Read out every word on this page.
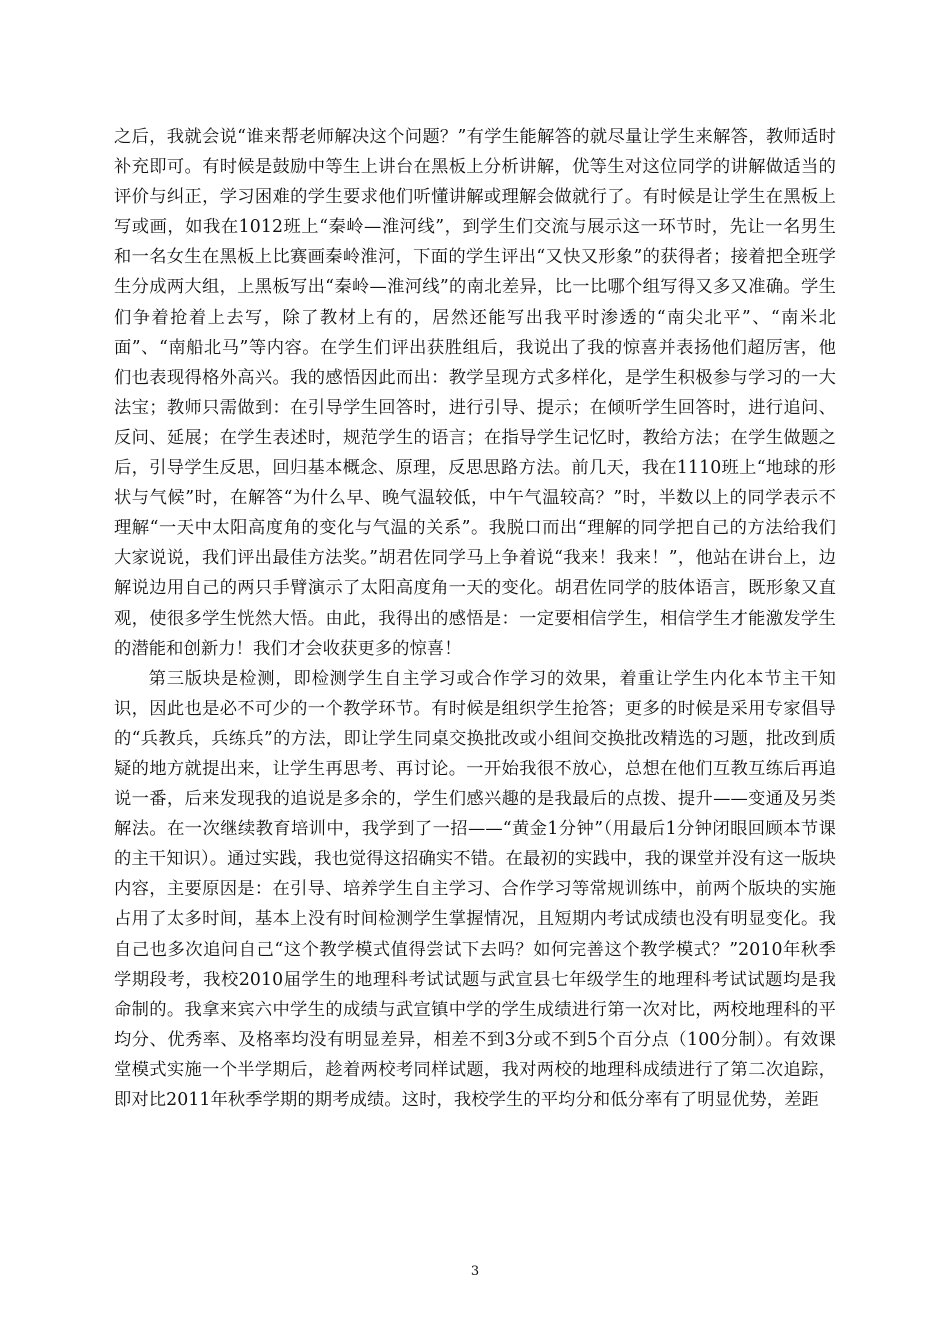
之后，我就会说“谁来帮老师解决这个问题？”有学生能解答的就尽量让学生来解答，教师适时补充即可。有时候是鼓励中等生上讲台在黑板上分析讲解，优等生对这位同学的讲解做适当的评价与纠正，学习困难的学生要求他们听懂讲解或理解会做就行了。有时候是让学生在黑板上写或画，如我在1012班上“秦岭—淮河线”，到学生们交流与展示这一环节时，先让一名男生和一名女生在黑板上比赛画秦岭淮河，下面的学生评出“又快又形象”的获得者；接着把全班学生分成两大组，上黑板写出“秦岭—淮河线”的南北差异，比一比哪个组写得又多又准确。学生们争着抢着上去写，除了教材上有的，居然还能写出我平时渗透的“南尖北平”、“南米北面”、“南船北马”等内容。在学生们评出获胜组后，我说出了我的惊喜并表扬他们超厉害，他们也表现得格外高兴。我的感悟因此而出：教学呈现方式多样化，是学生积极参与学习的一大法宝；教师只需做到：在引导学生回答时，进行引导、提示；在倾听学生回答时，进行追问、反问、延展；在学生表述时，规范学生的语言；在指导学生记忆时，教给方法；在学生做题之后，引导学生反思，回归基本概念、原理，反思思路方法。前几天，我在1110班上“地球的形状与气候”时，在解答“为什么早、晚气温较低，中午气温较高？”时，半数以上的同学表示不理解“一天中太阳高度角的变化与气温的关系”。我脱口而出“理解的同学把自己的方法给我们大家说说，我们评出最佳方法奖。”胡君佐同学马上争着说“我来！我来！”，他站在讲台上，边解说边用自己的两只手臂演示了太阳高度角一天的变化。胡君佐同学的肢体语言，既形象又直观，使很多学生恍然大悟。由此，我得出的感悟是：一定要相信学生，相信学生才能激发学生的潜能和创新力！我们才会收获更多的惊喜！

第三版块是检测，即检测学生自主学习或合作学习的效果，着重让学生内化本节主干知识，因此也是必不可少的一个教学环节。有时候是组织学生抢答；更多的时候是采用专家倡导的“兵教兵，兵练兵”的方法，即让学生同桌交换批改或小组间交换批改精选的习题，批改到质疑的地方就提出来，让学生再思考、再讨论。一开始我很不放心，总想在他们互教互练后再追说一番，后来发现我的追说是多余的，学生们感兴趣的是我最后的点拨、提升——变通及另类解法。在一次继续教育培训中，我学到了一招——“黄金1分钟”（用最后1分钟闭眼回顾本节课的主干知识）。通过实践，我也觉得这招确实不错。在最初的实践中，我的课堂并没有这一版块内容，主要原因是：在引导、培养学生自主学习、合作学习等常规训练中，前两个版块的实施占用了太多时间，基本上没有时间检测学生掌握情况，且短期内考试成绩也没有明显变化。我自己也多次追问自己“这个教学模式值得尝试下去吗？如何完善这个教学模式？”2010年秋季学期段考，我校2010届学生的地理科考试试题与武宣县七年级学生的地理科考试试题均是我命制的。我拿来宾六中学生的成绩与武宣镇中学的学生成绩进行第一次对比，两校地理科的平均分、优秀率、及格率均没有明显差异，相差不到3分或不到5个百分点（100分制）。有效课堂模式实施一个半学期后，趁着两校考同样试题，我对两校的地理科成绩进行了第二次追踪，即对比2011年秋季学期的期考成绩。这时，我校学生的平均分和低分率有了明显优势，差距

3
